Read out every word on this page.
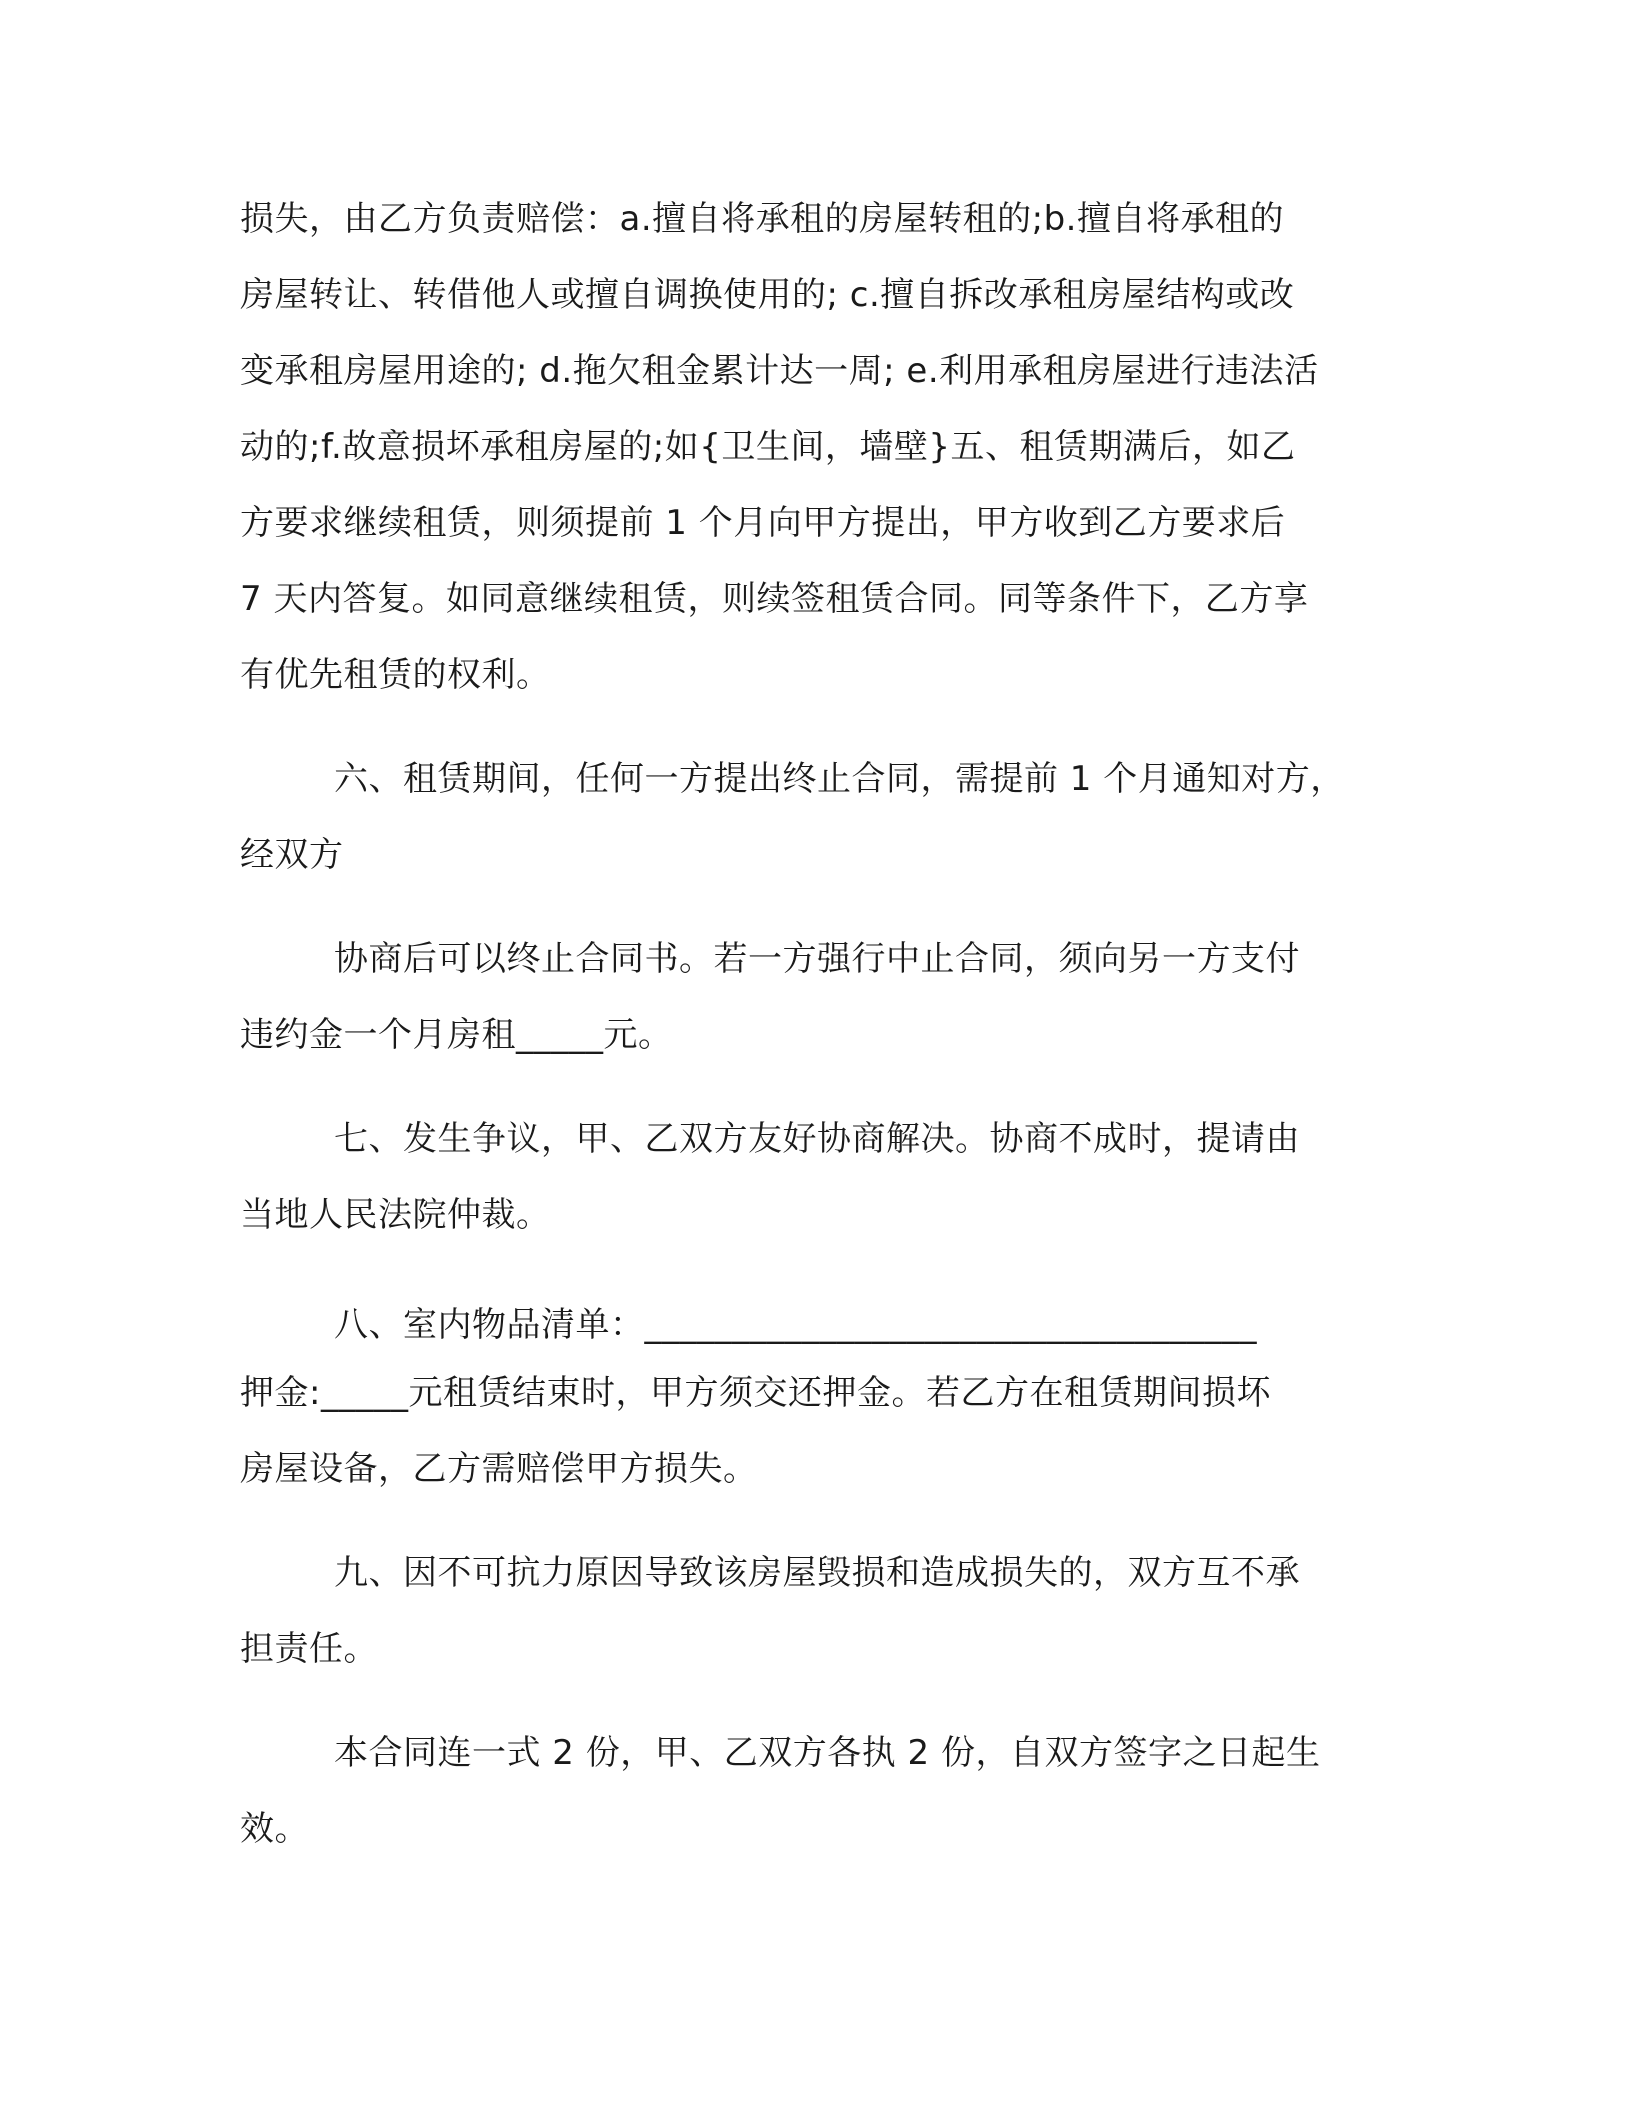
损失，由乙方负责赔偿：a.擅自将承租的房屋转租的;b.擅自将承租的

房屋转让、转借他人或擅自调换使用的; c.擅自拆改承租房屋结构或改

变承租房屋用途的; d.拖欠租金累计达一周; e.利用承租房屋进行违法活

动的;f.故意损坏承租房屋的;如{卫生间，墙壁}五、租赁期满后，如乙

方要求继续租赁，则须提前 1 个月向甲方提出，甲方收到乙方要求后

7 天内答复。如同意继续租赁，则续签租赁合同。同等条件下，乙方享

有优先租赁的权利。

六、租赁期间，任何一方提出终止合同，需提前 1 个月通知对方，

经双方

协商后可以终止合同书。若一方强行中止合同，须向另一方支付

违约金一个月房租_____元。

七、发生争议，甲、乙双方友好协商解决。协商不成时，提请由

当地人民法院仲裁。

八、室内物品清单：___________________________________

押金:_____元租赁结束时，甲方须交还押金。若乙方在租赁期间损坏

房屋设备，乙方需赔偿甲方损失。

九、因不可抗力原因导致该房屋毁损和造成损失的，双方互不承

担责任。

本合同连一式 2 份，甲、乙双方各执 2 份，自双方签字之日起生

效。
